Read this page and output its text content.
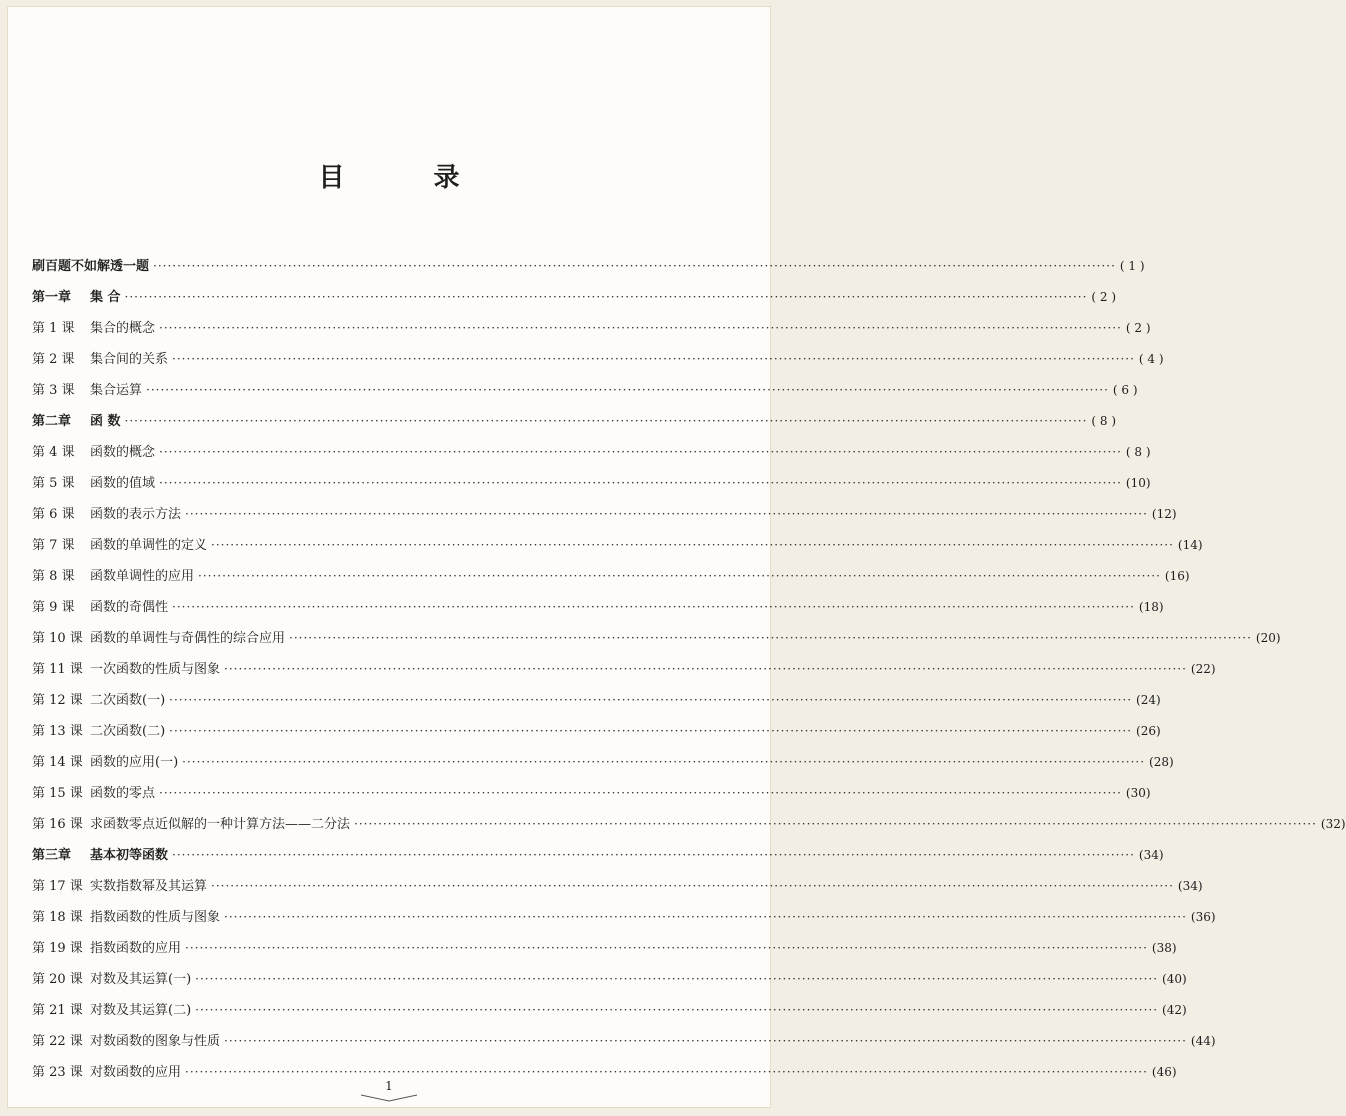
目 录
刷百题不如解透一题 ········································································································································································································ ( 1 )
第一章 集 合 ········································································································································································································ ( 2 )
第 1 课 集合的概念 ········································································································································································································ ( 2 )
第 2 课 集合间的关系 ········································································································································································································ ( 4 )
第 3 课 集合运算 ········································································································································································································ ( 6 )
第二章 函 数 ········································································································································································································ ( 8 )
第 4 课 函数的概念 ········································································································································································································ ( 8 )
第 5 课 函数的值域 ········································································································································································································ (10)
第 6 课 函数的表示方法 ········································································································································································································ (12)
第 7 课 函数的单调性的定义 ········································································································································································································ (14)
第 8 课 函数单调性的应用 ········································································································································································································ (16)
第 9 课 函数的奇偶性 ········································································································································································································ (18)
第 10 课 函数的单调性与奇偶性的综合应用 ········································································································································································································ (20)
第 11 课 一次函数的性质与图象 ········································································································································································································ (22)
第 12 课 二次函数(一) ········································································································································································································ (24)
第 13 课 二次函数(二) ········································································································································································································ (26)
第 14 课 函数的应用(一) ········································································································································································································ (28)
第 15 课 函数的零点 ········································································································································································································ (30)
第 16 课 求函数零点近似解的一种计算方法——二分法 ········································································································································································································ (32)
第三章 基本初等函数 ········································································································································································································ (34)
第 17 课 实数指数幂及其运算 ········································································································································································································ (34)
第 18 课 指数函数的性质与图象 ········································································································································································································ (36)
第 19 课 指数函数的应用 ········································································································································································································ (38)
第 20 课 对数及其运算(一) ········································································································································································································ (40)
第 21 课 对数及其运算(二) ········································································································································································································ (42)
第 22 课 对数函数的图象与性质 ········································································································································································································ (44)
第 23 课 对数函数的应用 ········································································································································································································ (46)
1
